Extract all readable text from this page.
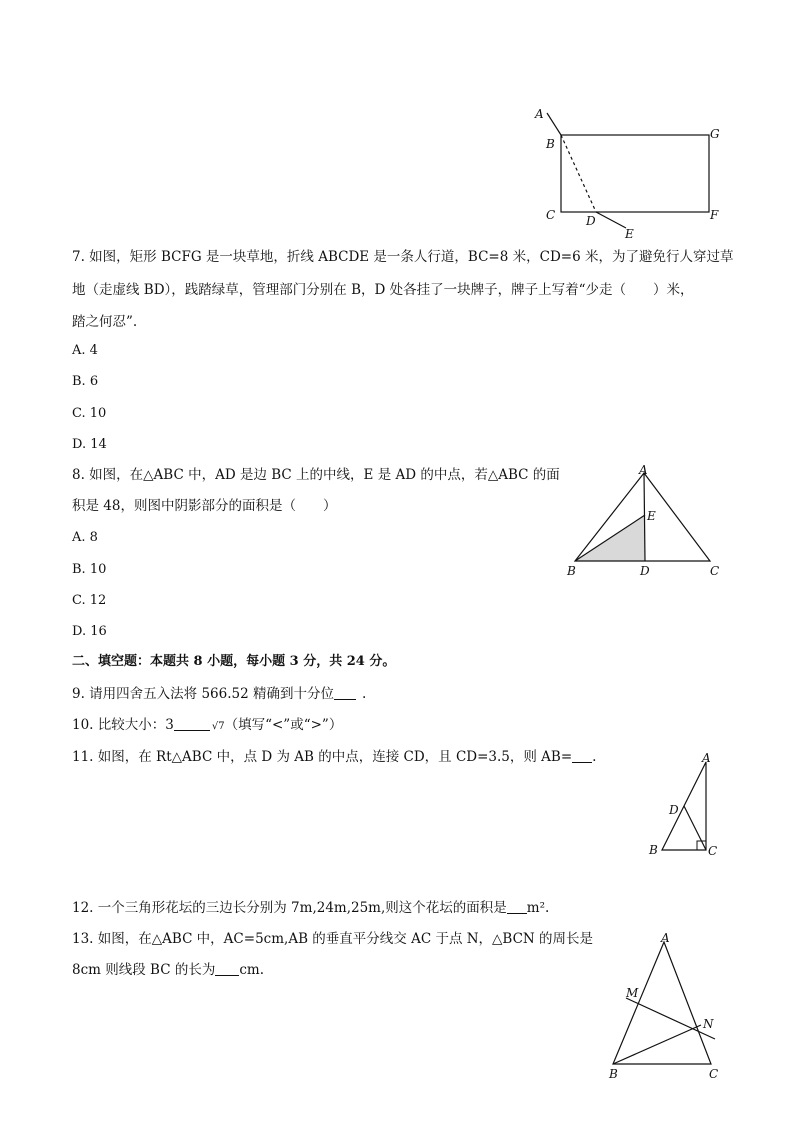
A
B
C	D
E
F
G
7. 如图，矩形 BCFG 是一块草地，折线 ABCDE 是一条人行道，BC=8 米，CD=6 米，为了避免行人穿过草
地（走虚线 BD），践踏绿草，管理部门分别在 B，D 处各挂了一块牌子，牌子上写着“少走（　　）米，
踏之何忍”.
A. 4
B. 6
C. 10
D. 14
8. 如图，在△ABC 中，AD 是边 BC 上的中线，E 是 AD 的中点，若△ABC 的面
积是 48，则图中阴影部分的面积是（　　）
A. 8
B. 10
C. 12
D. 16
A
E
B	D	C
二、填空题：本题共 8 小题，每小题 3 分，共 24 分。
9. 请用四舍五入法将 566.52 精确到十分位 .
10. 比较大小：3	√7（填写“<”或“>”）
11. 如图，在 Rt△ABC 中，点 D 为 AB 的中点，连接 CD，且 CD=3.5，则 AB= .	A
D
B	C
12. 一个三角形花坛的三边长分别为 7m,24m,25m,则这个花坛的面积是 m².
13. 如图，在△ABC 中，AC=5cm,AB 的垂直平分线交 AC 于点 N，△BCN 的周长是
8cm 则线段 BC 的长为 cm.
A
M
N
B	C
